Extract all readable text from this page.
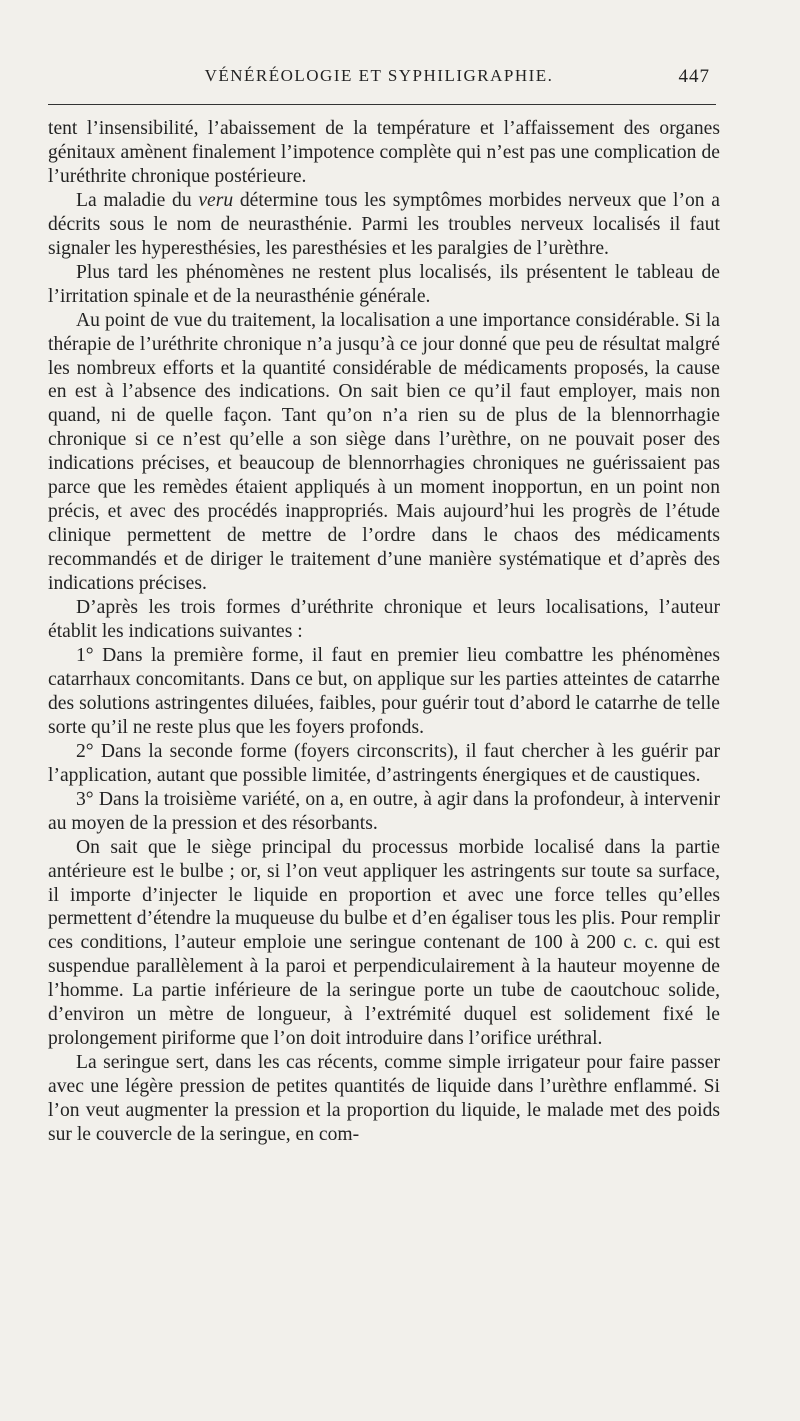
VÉNÉRÉOLOGIE ET SYPHILIGRAPHIE.	447

tent l’insensibilité, l’abaissement de la température et l’affaissement des organes génitaux amènent finalement l’impotence complète qui n’est pas une complication de l’uréthrite chronique postérieure.

La maladie du veru détermine tous les symptômes morbides nerveux que l’on a décrits sous le nom de neurasthénie. Parmi les troubles nerveux localisés il faut signaler les hyperesthésies, les paresthésies et les paralgies de l’urèthre.

Plus tard les phénomènes ne restent plus localisés, ils présentent le tableau de l’irritation spinale et de la neurasthénie générale.

Au point de vue du traitement, la localisation a une importance considérable. Si la thérapie de l’uréthrite chronique n’a jusqu’à ce jour donné que peu de résultat malgré les nombreux efforts et la quantité considérable de médicaments proposés, la cause en est à l’absence des indications. On sait bien ce qu’il faut employer, mais non quand, ni de quelle façon. Tant qu’on n’a rien su de plus de la blennorrhagie chronique si ce n’est qu’elle a son siège dans l’urèthre, on ne pouvait poser des indications précises, et beaucoup de blennorrhagies chroniques ne guérissaient pas parce que les remèdes étaient appliqués à un moment inopportun, en un point non précis, et avec des procédés inappropriés. Mais aujourd’hui les progrès de l’étude clinique permettent de mettre de l’ordre dans le chaos des médicaments recommandés et de diriger le traitement d’une manière systématique et d’après des indications précises.

D’après les trois formes d’uréthrite chronique et leurs localisations, l’auteur établit les indications suivantes :

1° Dans la première forme, il faut en premier lieu combattre les phénomènes catarrhaux concomitants. Dans ce but, on applique sur les parties atteintes de catarrhe des solutions astringentes diluées, faibles, pour guérir tout d’abord le catarrhe de telle sorte qu’il ne reste plus que les foyers profonds.

2° Dans la seconde forme (foyers circonscrits), il faut chercher à les guérir par l’application, autant que possible limitée, d’astringents énergiques et de caustiques.

3° Dans la troisième variété, on a, en outre, à agir dans la profondeur, à intervenir au moyen de la pression et des résorbants.

On sait que le siège principal du processus morbide localisé dans la partie antérieure est le bulbe ; or, si l’on veut appliquer les astringents sur toute sa surface, il importe d’injecter le liquide en proportion et avec une force telles qu’elles permettent d’étendre la muqueuse du bulbe et d’en égaliser tous les plis. Pour remplir ces conditions, l’auteur emploie une seringue contenant de 100 à 200 c. c. qui est suspendue parallèlement à la paroi et perpendiculairement à la hauteur moyenne de l’homme. La partie inférieure de la seringue porte un tube de caoutchouc solide, d’environ un mètre de longueur, à l’extrémité duquel est solidement fixé le prolongement piriforme que l’on doit introduire dans l’orifice uréthral.

La seringue sert, dans les cas récents, comme simple irrigateur pour faire passer avec une légère pression de petites quantités de liquide dans l’urèthre enflammé. Si l’on veut augmenter la pression et la proportion du liquide, le malade met des poids sur le couvercle de la seringue, en com-
